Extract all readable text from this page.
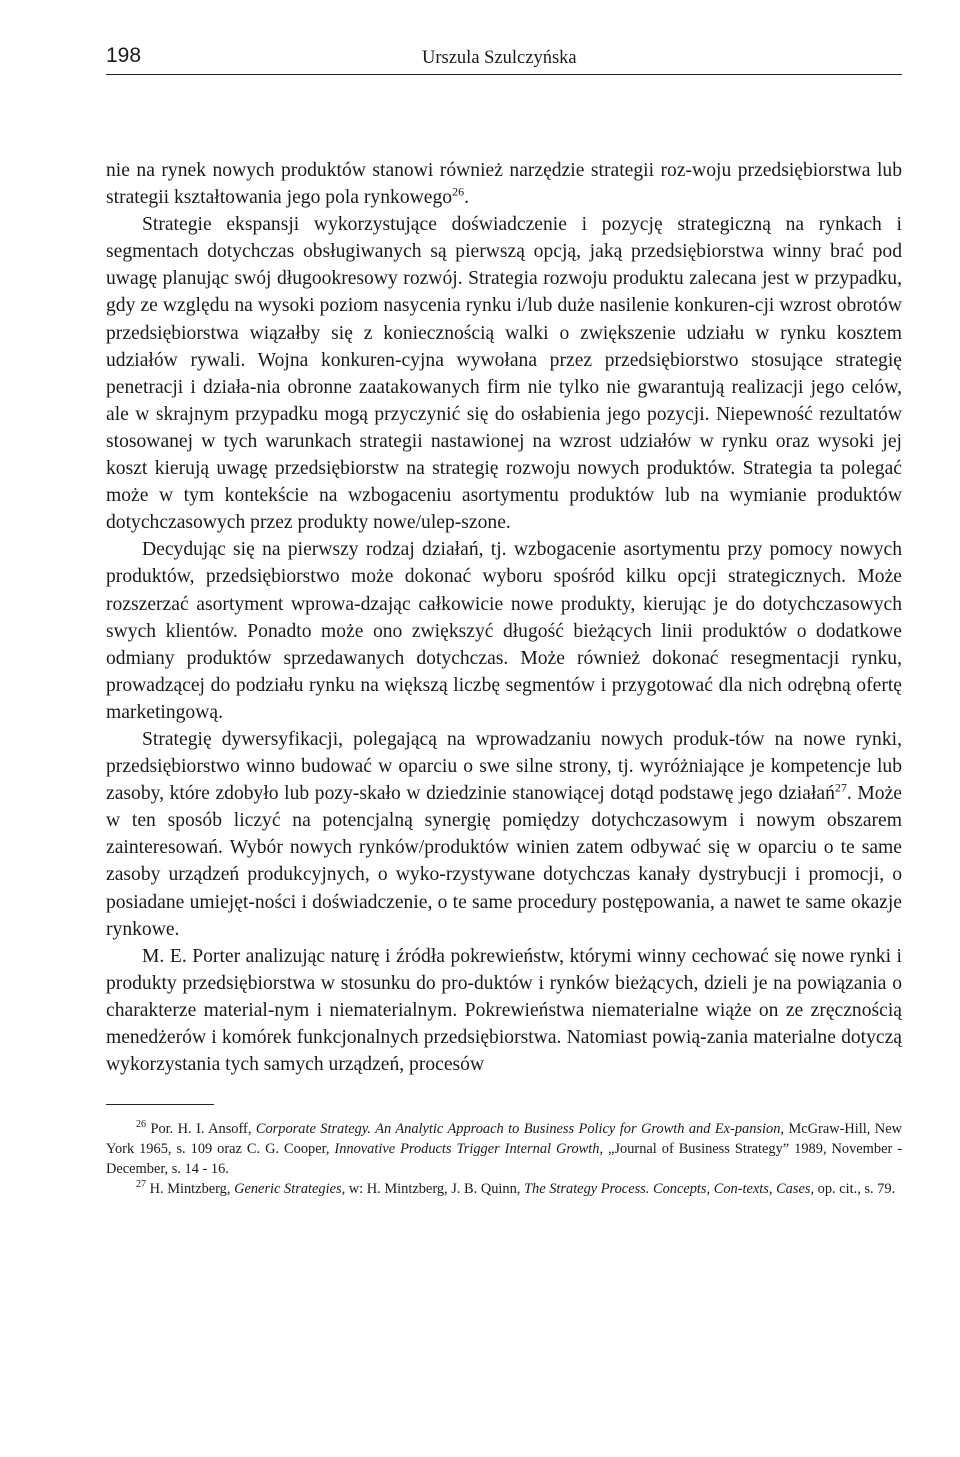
198	Urszula Szulczyńska

nie na rynek nowych produktów stanowi również narzędzie strategii roz-woju przedsiębiorstwa lub strategii kształtowania jego pola rynkowego$^{26}$.

Strategie ekspansji wykorzystujące doświadczenie i pozycję strategiczną na rynkach i segmentach dotychczas obsługiwanych są pierwszą opcją, jaką przedsiębiorstwa winny brać pod uwagę planując swój długookresowy rozwój. Strategia rozwoju produktu zalecana jest w przypadku, gdy ze względu na wysoki poziom nasycenia rynku i/lub duże nasilenie konkuren-cji wzrost obrotów przedsiębiorstwa wiązałby się z koniecznością walki o zwiększenie udziału w rynku kosztem udziałów rywali. Wojna konkuren-cyjna wywołana przez przedsiębiorstwo stosujące strategię penetracji i działa-nia obronne zaatakowanych firm nie tylko nie gwarantują realizacji jego celów, ale w skrajnym przypadku mogą przyczynić się do osłabienia jego pozycji. Niepewność rezultatów stosowanej w tych warunkach strategii nastawionej na wzrost udziałów w rynku oraz wysoki jej koszt kierują uwagę przedsiębiorstw na strategię rozwoju nowych produktów. Strategia ta polegać może w tym kontekście na wzbogaceniu asortymentu produktów lub na wymianie produktów dotychczasowych przez produkty nowe/ulep-szone.

Decydując się na pierwszy rodzaj działań, tj. wzbogacenie asortymentu przy pomocy nowych produktów, przedsiębiorstwo może dokonać wyboru spośród kilku opcji strategicznych. Może rozszerzać asortyment wprowa-dzając całkowicie nowe produkty, kierując je do dotychczasowych swych klientów. Ponadto może ono zwiększyć długość bieżących linii produktów o dodatkowe odmiany produktów sprzedawanych dotychczas. Może również dokonać resegmentacji rynku, prowadzącej do podziału rynku na większą liczbę segmentów i przygotować dla nich odrębną ofertę marketingową.

Strategię dywersyfikacji, polegającą na wprowadzaniu nowych produk-tów na nowe rynki, przedsiębiorstwo winno budować w oparciu o swe silne strony, tj. wyróżniające je kompetencje lub zasoby, które zdobyło lub pozy-skało w dziedzinie stanowiącej dotąd podstawę jego działań$^{27}$. Może w ten sposób liczyć na potencjalną synergię pomiędzy dotychczasowym i nowym obszarem zainteresowań. Wybór nowych rynków/produktów winien zatem odbywać się w oparciu o te same zasoby urządzeń produkcyjnych, o wyko-rzystywane dotychczas kanały dystrybucji i promocji, o posiadane umiejęt-ności i doświadczenie, o te same procedury postępowania, a nawet te same okazje rynkowe.

M. E. Porter analizując naturę i źródła pokrewieństw, którymi winny cechować się nowe rynki i produkty przedsiębiorstwa w stosunku do pro-duktów i rynków bieżących, dzieli je na powiązania o charakterze material-nym i niematerialnym. Pokrewieństwa niematerialne wiąże on ze zręcznością menedżerów i komórek funkcjonalnych przedsiębiorstwa. Natomiast powią-zania materialne dotyczą wykorzystania tych samych urządzeń, procesów

$^{26}$ Por. H. I. Ansoff, Corporate Strategy. An Analytic Approach to Business Policy for Growth and Ex-pansion, McGraw-Hill, New York 1965, s. 109 oraz C. G. Cooper, Innovative Products Trigger Internal Growth, „Journal of Business Strategy” 1989, November - December, s. 14 - 16.

$^{27}$ H. Mintzberg, Generic Strategies, w: H. Mintzberg, J. B. Quinn, The Strategy Process. Concepts, Con-texts, Cases, op. cit., s. 79.
